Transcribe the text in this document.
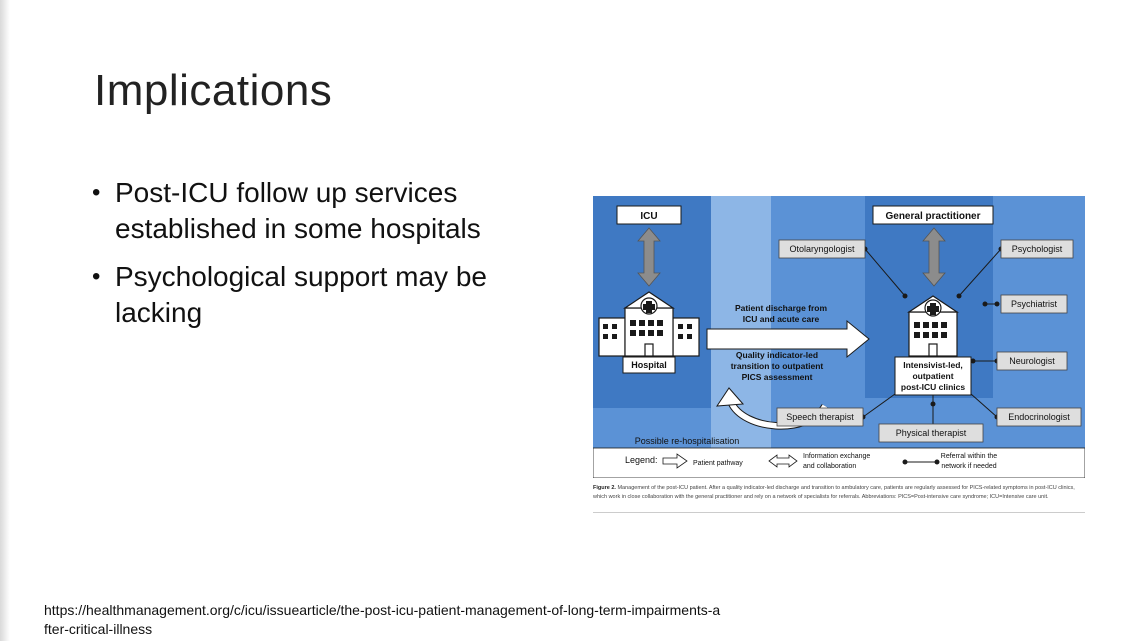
Implications
• Post-ICU follow up services established in some hospitals
• Psychological support may be lacking
ICU
Hospital
Patient discharge from
ICU and acute care
Quality indicator-led
transition to outpatient
PICS assessment
Possible re-hospitalisation
General practitioner
Intensivist-led,
outpatient
post-ICU clinics
Otolaryngologist	Psychologist
Psychiatrist
Neurologist
Speech therapist
Physical therapist
Endocrinologist
Legend:	Patient pathway
Information exchange
and collaboration
Referral within the
network if needed
Figure 2. Management of the post-ICU patient. After a quality indicator-led discharge and transition to ambulatory care, patients are regularly assessed for PICS-related symptoms in post-ICU clinics, which work in close collaboration with the general practitioner and rely on a network of specialists for referrals. Abbreviations: PICS=Post-intensive care syndrome; ICU=Intensive care unit.
https://healthmanagement.org/c/icu/issuearticle/the-post-icu-patient-management-of-long-term-impairments-after-critical-illness
